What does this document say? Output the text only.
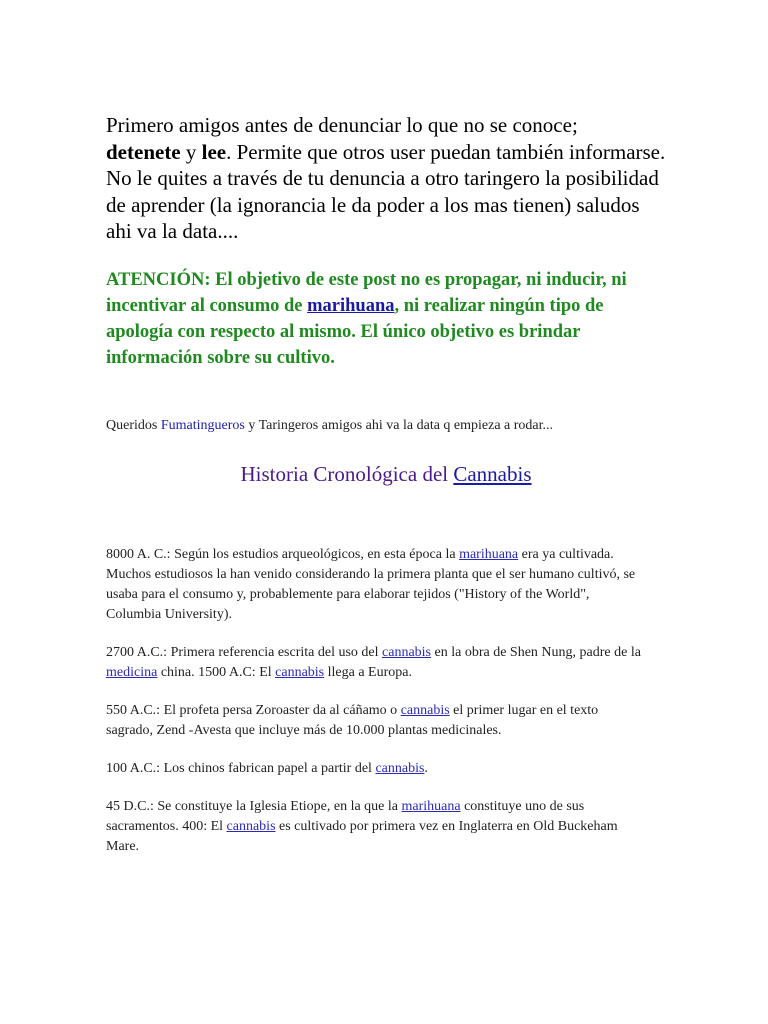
Primero amigos antes de denunciar lo que no se conoce;
detenete y lee. Permite que otros user puedan también informarse.
No le quites a través de tu denuncia a otro taringero la posibilidad de aprender (la ignorancia le da poder a los mas tienen) saludos ahi va la data....

ATENCIÓN: El objetivo de este post no es propagar, ni inducir, ni incentivar al consumo de marihuana, ni realizar ningún tipo de apología con respecto al mismo. El único objetivo es brindar información sobre su cultivo.

Queridos Fumatingueros y Taringeros amigos ahi va la data q empieza a rodar...

Historia Cronológica del Cannabis

8000 A. C.: Según los estudios arqueológicos, en esta época la marihuana era ya cultivada. Muchos estudiosos la han venido considerando la primera planta que el ser humano cultivó, se usaba para el consumo y, probablemente para elaborar tejidos ("History of the World", Columbia University).

2700 A.C.: Primera referencia escrita del uso del cannabis en la obra de Shen Nung, padre de la medicina china. 1500 A.C: El cannabis llega a Europa.

550 A.C.: El profeta persa Zoroaster da al cáñamo o cannabis el primer lugar en el texto sagrado, Zend -Avesta que incluye más de 10.000 plantas medicinales.

100 A.C.: Los chinos fabrican papel a partir del cannabis.

45 D.C.: Se constituye la Iglesia Etiope, en la que la marihuana constituye uno de sus sacramentos. 400: El cannabis es cultivado por primera vez en Inglaterra en Old Buckeham Mare.
